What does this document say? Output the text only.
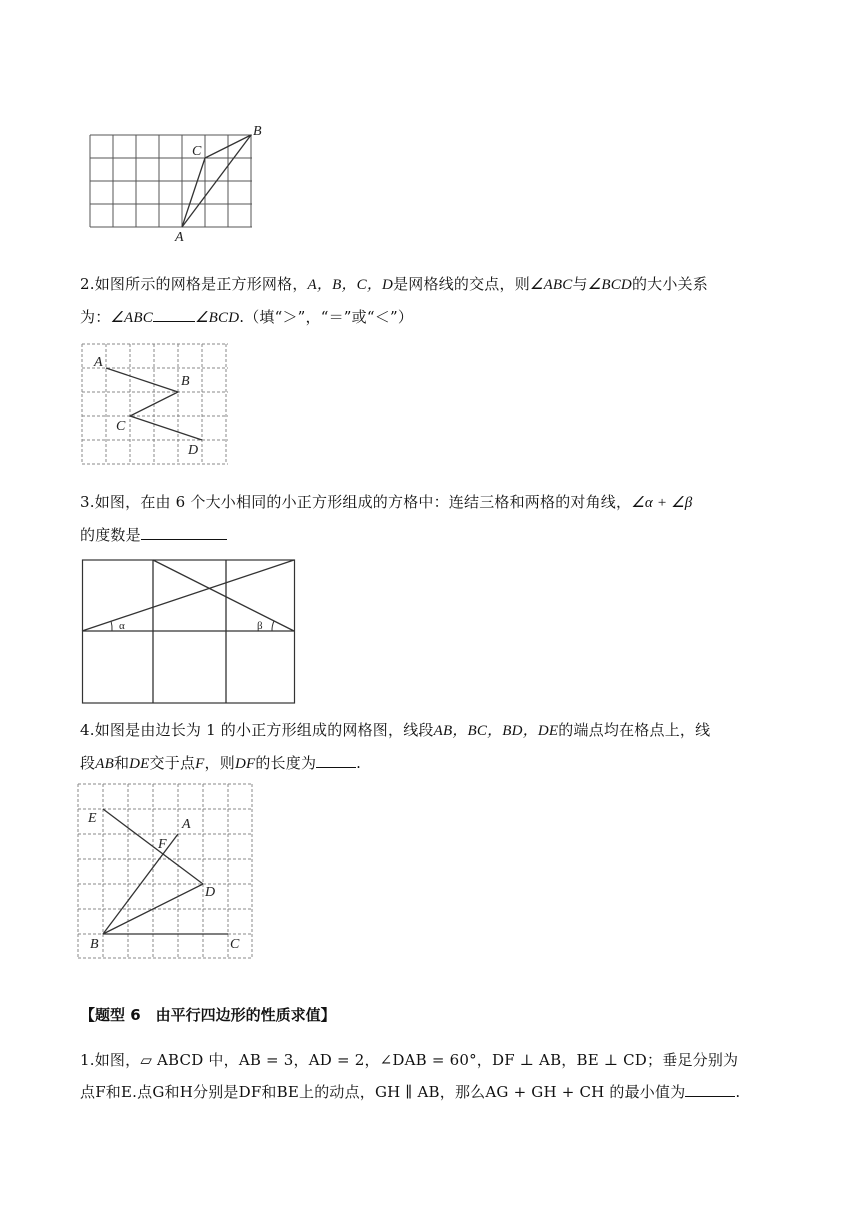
A
B
C
2.如图所示的网格是正方形网格，A，B，C，D是网格线的交点，则∠ABC与∠BCD的大小关系
为：∠ABC	∠BCD.（填“＞”，“＝”或“＜”）
A
B
C
D
3.如图，在由 6 个大小相同的小正方形组成的方格中：连结三格和两格的对角线，∠α + ∠β
的度数是
α	β
4.如图是由边长为 1 的小正方形组成的网格图，线段AB，BC，BD，DE的端点均在格点上，线
段AB和DE交于点F，则DF的长度为	.
E	A
F
D
B	C
【题型 6　由平行四边形的性质求值】
1.如图，▱ ABCD 中，AB = 3，AD = 2，∠DAB = 60°，DF ⊥ AB，BE ⊥ CD；垂足分别为
点F和E.点G和H分别是DF和BE上的动点，GH ∥ AB，那么AG + GH + CH 的最小值为	.
